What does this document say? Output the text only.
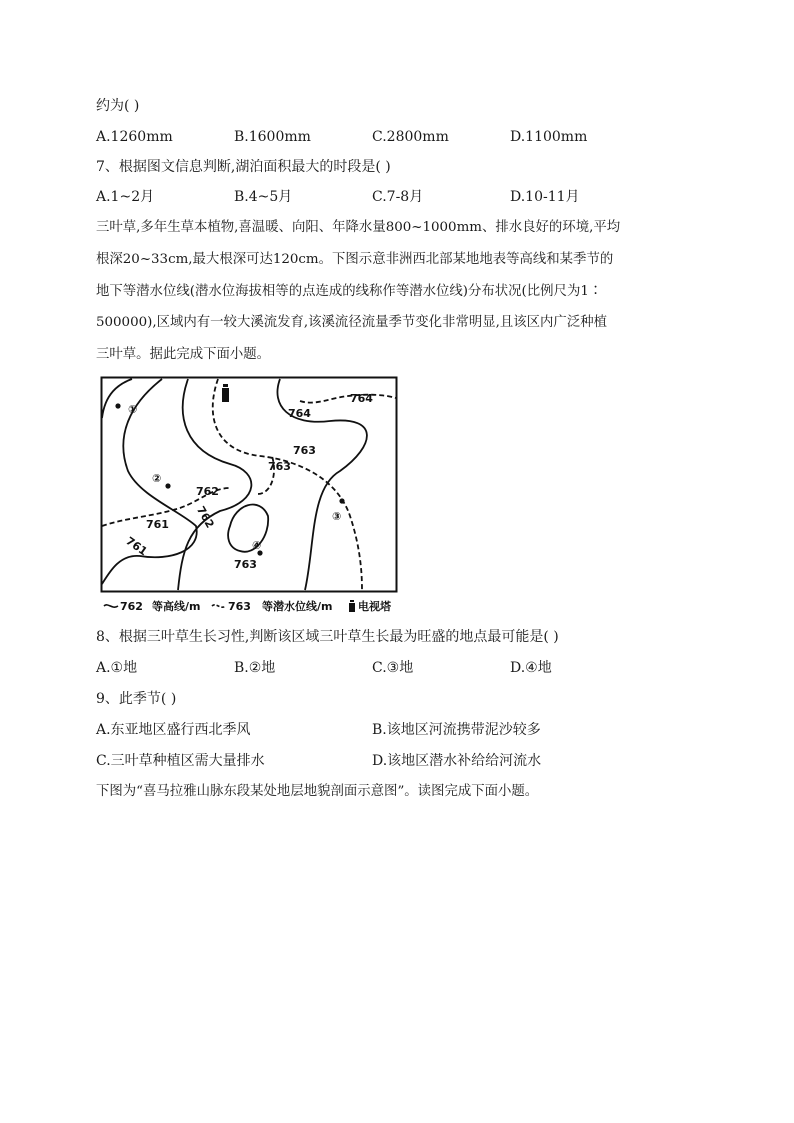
约为( )
A.1260mm	B.1600mm	C.2800mm	D.1100mm
7、根据图文信息判断,湖泊面积最大的时段是( )
A.1~2月	B.4~5月	C.7-8月	D.10-11月
三叶草,多年生草本植物,喜温暖、向阳、年降水量800~1000mm、排水良好的环境,平均
根深20~33cm,最大根深可达120cm。下图示意非洲西北部某地地表等高线和某季节的
地下等潜水位线(潜水位海拔相等的点连成的线称作等潜水位线)分布状况(比例尺为1∶
500000),区域内有一较大溪流发育,该溪流径流量季节变化非常明显,且该区内广泛种植
三叶草。据此完成下面小题。
①
②
③
④
762
763
762
761
761
764
764
763
763
762 等高线/m	763 等潜水位线/m 电视塔
8、根据三叶草生长习性,判断该区域三叶草生长最为旺盛的地点最可能是( )
A.①地	B.②地	C.③地	D.④地
9、此季节( )
A.东亚地区盛行西北季风	B.该地区河流携带泥沙较多
C.三叶草种植区需大量排水	D.该地区潜水补给给河流水
下图为“喜马拉雅山脉东段某处地层地貌剖面示意图”。读图完成下面小题。
